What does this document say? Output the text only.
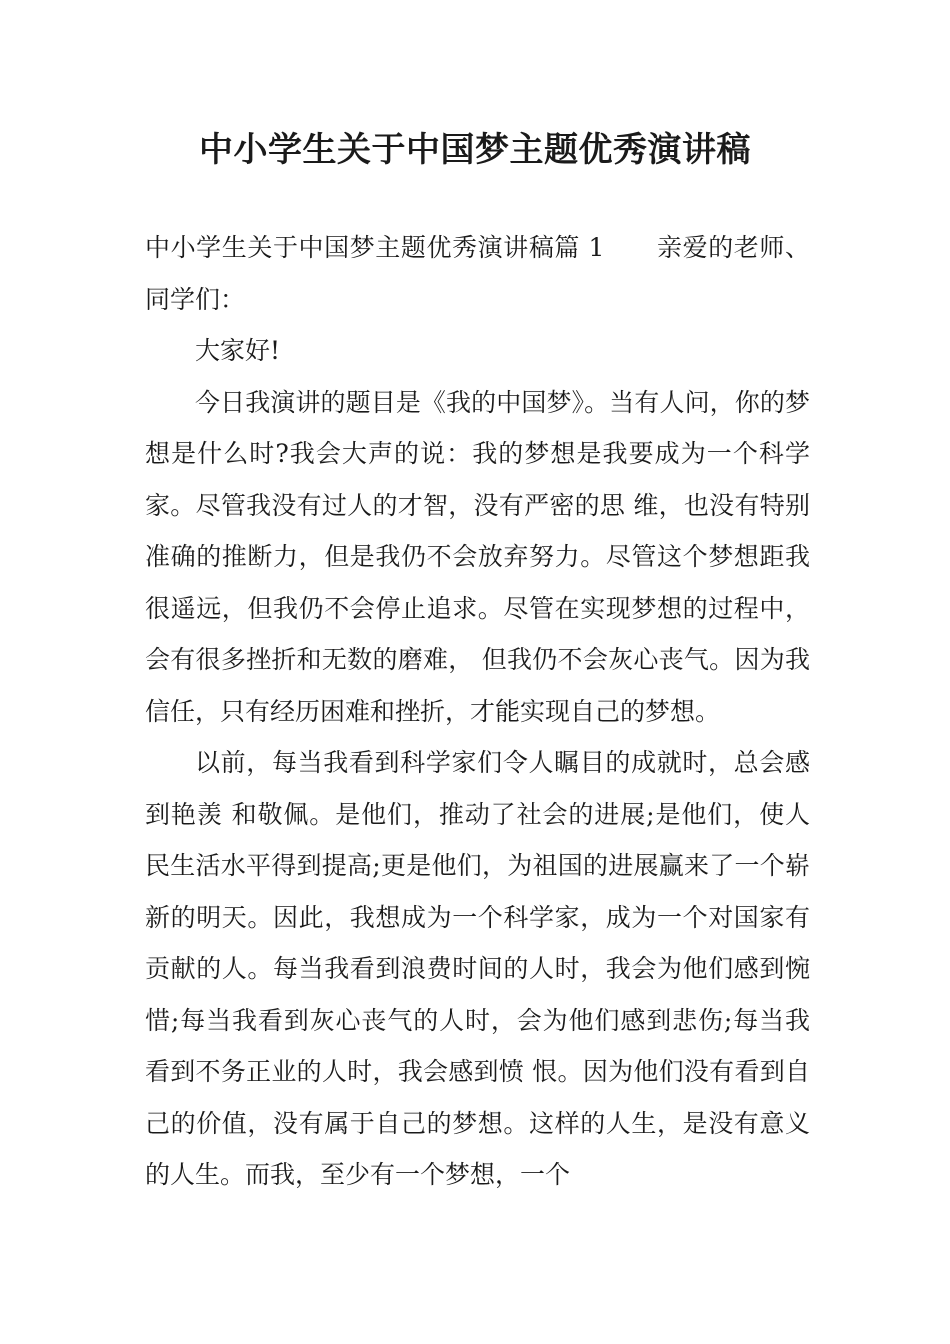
中小学生关于中国梦主题优秀演讲稿

中小学生关于中国梦主题优秀演讲稿篇 1 亲爱的老师、同学们：

大家好!

今日我演讲的题目是《我的中国梦》。当有人问，你的梦想是什么时?我会大声的说：我的梦想是我要成为一个科学家。尽管我没有过人的才智，没有严密的思 维，也没有特别准确的推断力，但是我仍不会放弃努力。尽管这个梦想距我很遥远，但我仍不会停止追求。尽管在实现梦想的过程中，会有很多挫折和无数的磨难， 但我仍不会灰心丧气。因为我信任，只有经历困难和挫折，才能实现自己的梦想。

以前，每当我看到科学家们令人瞩目的成就时，总会感到艳羡 和敬佩。是他们，推动了社会的进展;是他们，使人民生活水平得到提高;更是他们，为祖国的进展赢来了一个崭新的明天。因此，我想成为一个科学家，成为一个对国家有贡献的人。每当我看到浪费时间的人时，我会为他们感到惋惜;每当我看到灰心丧气的人时，会为他们感到悲伤;每当我看到不务正业的人时，我会感到愤 恨。因为他们没有看到自己的价值，没有属于自己的梦想。这样的人生，是没有意义的人生。而我，至少有一个梦想，一个
